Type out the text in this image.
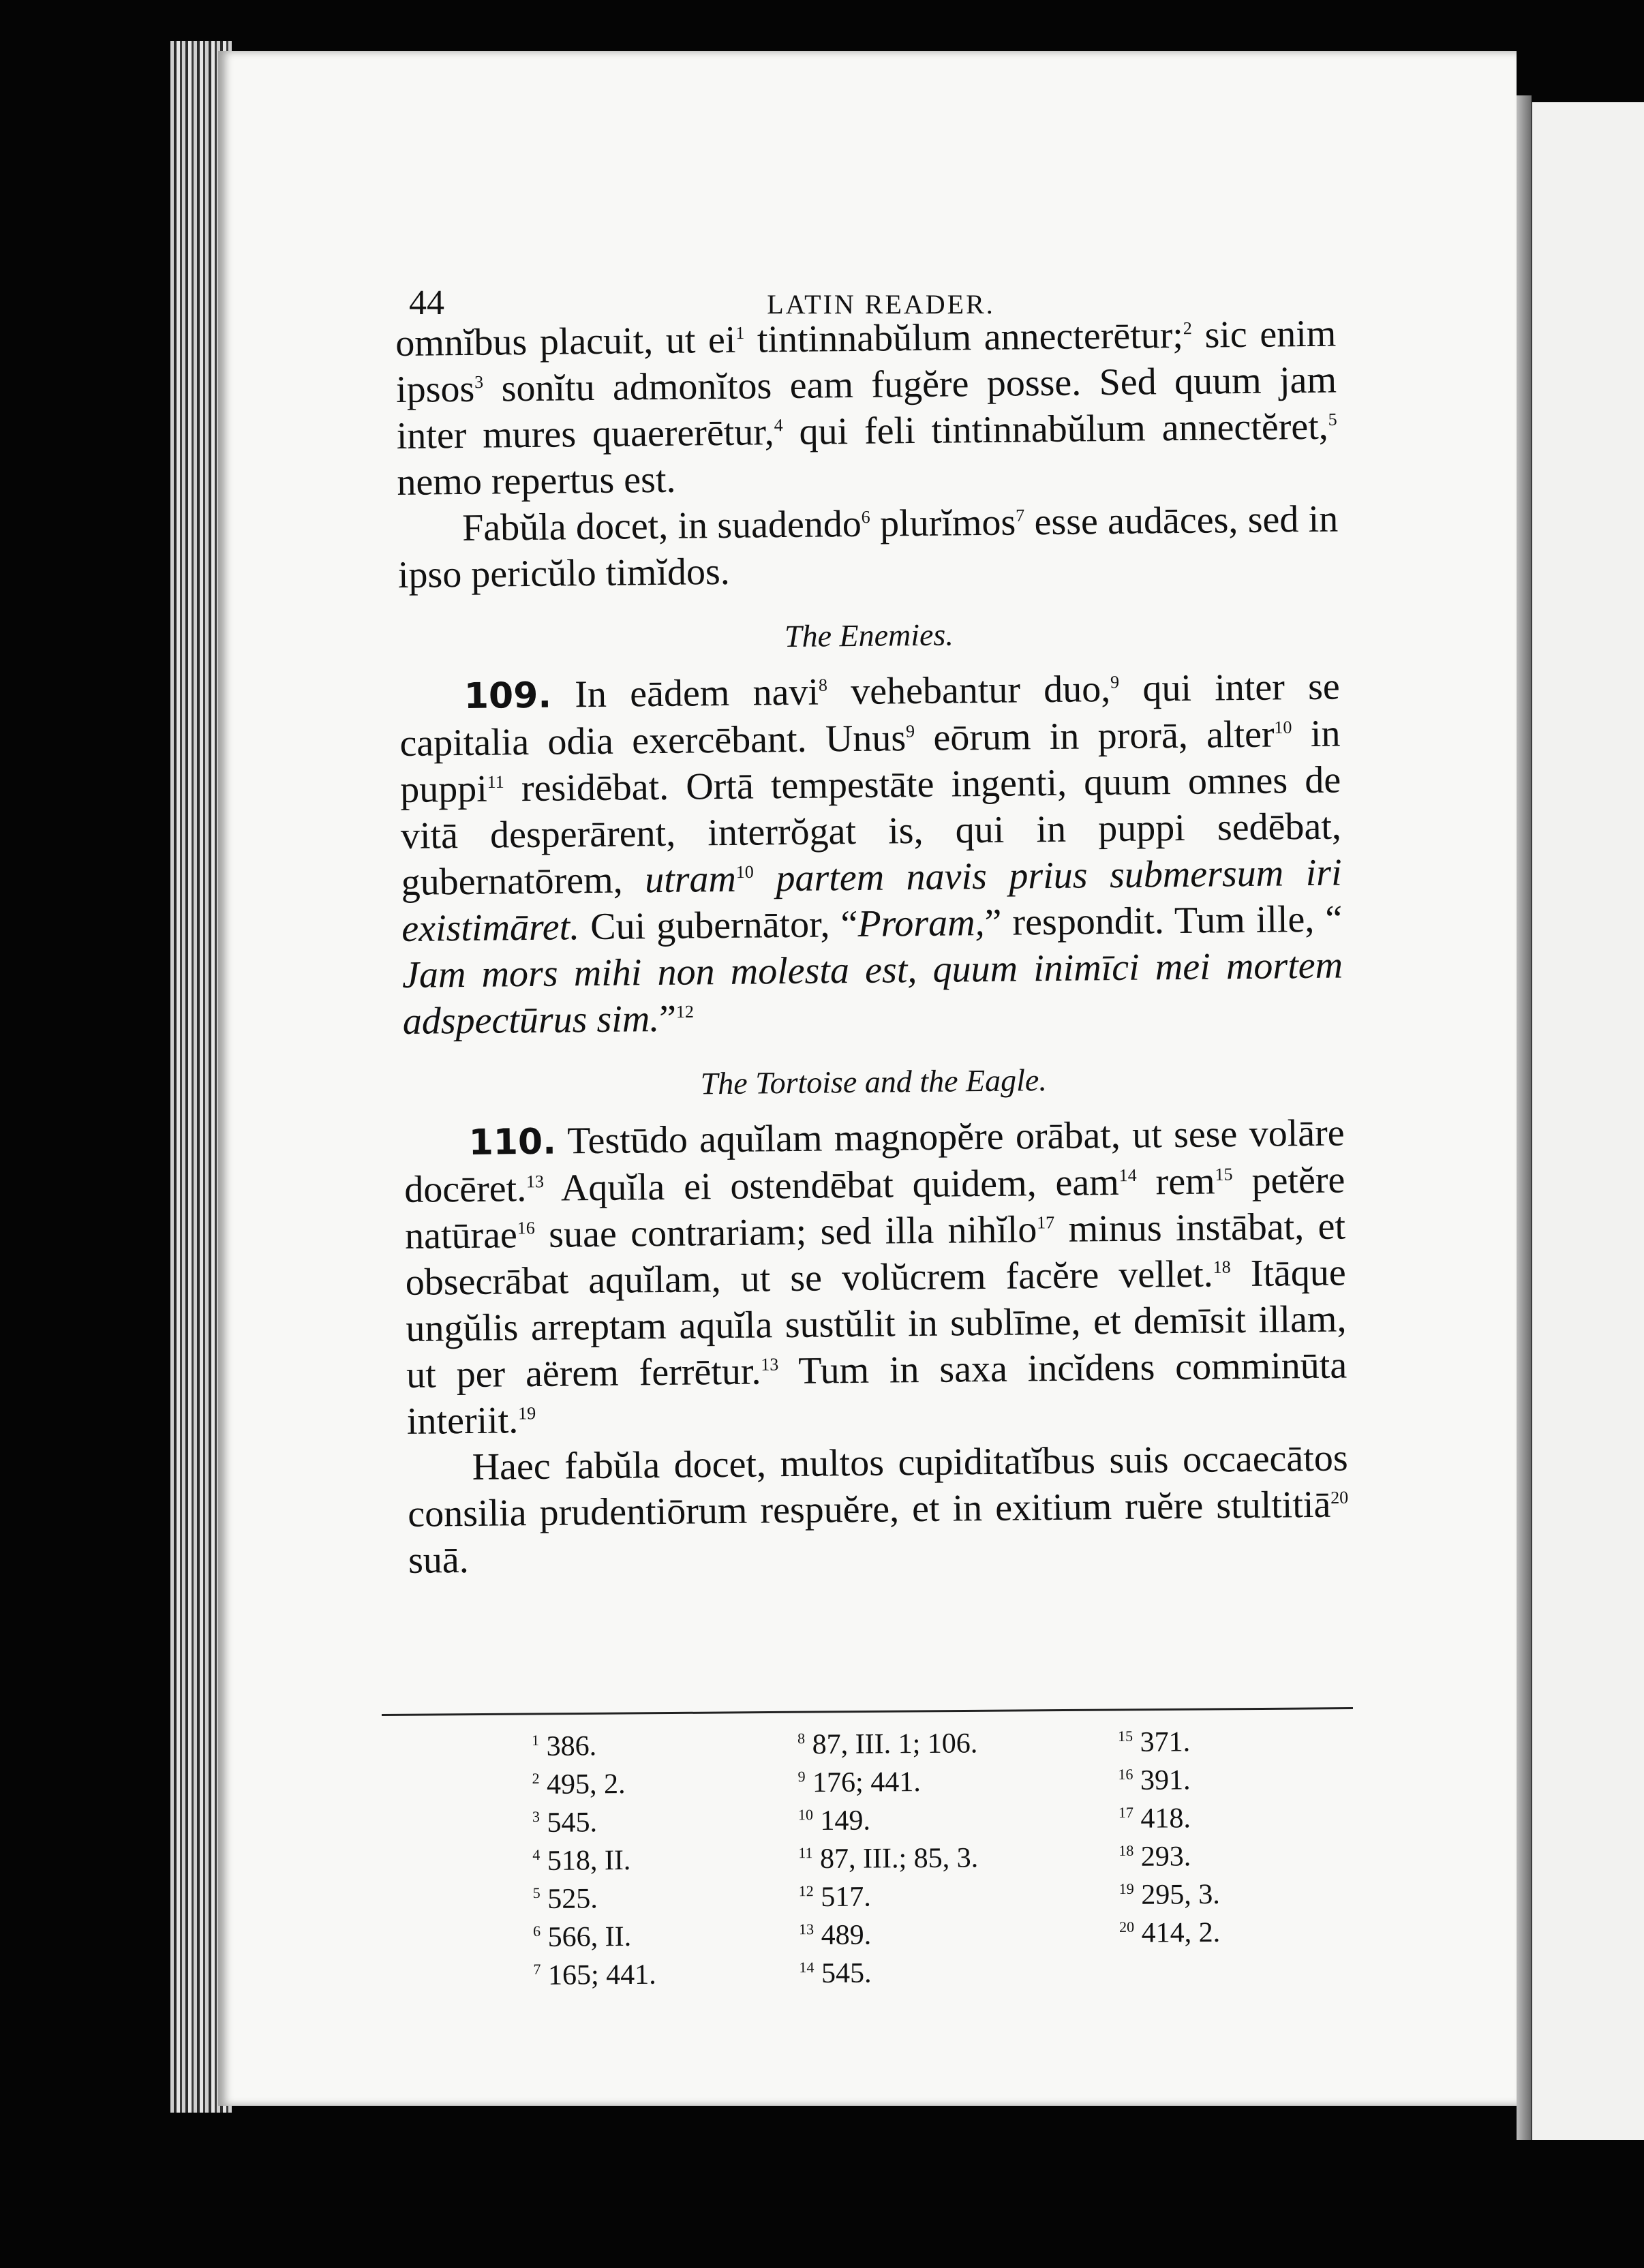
44	LATIN READER.

omnĭbus placuit, ut $ei^1$ tintinnabŭlum annecterētur;$^2$ sic enim ipsos$^3$ sonĭtu admonĭtos eam fugĕre posse. Sed quum jam inter mures quaererētur,$^4$ qui feli tintinnabŭlum annectĕret,$^5$ nemo repertus est.

Fabŭla docet, in suadendo$^6$ plurĭmos$^7$ esse audāces, sed in ipso pericŭlo timĭdos.

The Enemies.

109. In eādem navi$^8$ vehebantur duo,$^9$ qui inter se capitalia odia exercēbant. Unus$^9$ eōrum in prorā, alter$^{10}$ in puppi$^{11}$ residēbat. Ortā tempestāte ingenti, quum omnes de vitā desperārent, interrŏgat is, qui in puppi sedēbat, gubernatōrem, utram$^{10}$ partem navis prius submersum iri existimāret. Cui gubernātor, “Proram,” respondit. Tum ille, “ Jam mors mihi non molesta est, quum inimīci mei mortem adspectūrus sim.”$^{12}$

The Tortoise and the Eagle.

110. Testūdo aquĭlam magnopĕre orābat, ut sese volāre docēret.$^{13}$ Aquĭla ei ostendēbat quidem, eam$^{14}$ rem$^{15}$ petĕre natūrae$^{16}$ suae contrariam; sed illa nihĭlo$^{17}$ minus instābat, et obsecrābat aquĭlam, ut se volŭcrem facĕre vellet.$^{18}$ Itāque ungŭlis arreptam aquĭla sustŭlit in sublīme, et demīsit illam, ut per aërem ferrētur.$^{13}$ Tum in saxa incĭdens comminūta interiit.$^{19}$

Haec fabŭla docet, multos cupiditatĭbus suis occaecātos consilia prudentiōrum respuĕre, et in exitium ruĕre stultitiā$^{20}$ suā.

$^1$ 386.
$^2$ 495, 2.
$^3$ 545.
$^4$ 518, II.
$^5$ 525.
$^6$ 566, II.
$^7$ 165; 441.
$^8$ 87, III. 1; 106.
$^9$ 176; 441.
$^{10}$ 149.
$^{11}$ 87, III.; 85, 3.
$^{12}$ 517.
$^{13}$ 489.
$^{14}$ 545.
$^{15}$ 371.
$^{16}$ 391.
$^{17}$ 418.
$^{18}$ 293.
$^{19}$ 295, 3.
$^{20}$ 414, 2.
